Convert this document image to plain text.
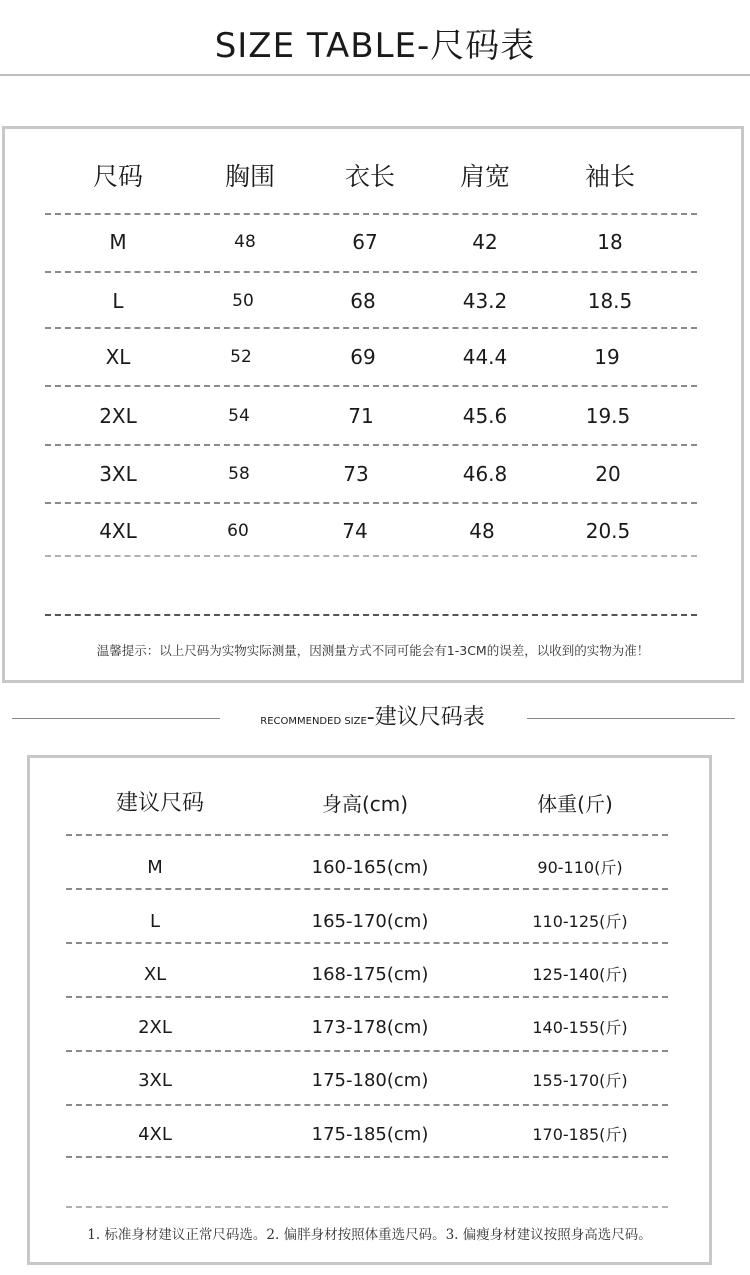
SIZE TABLE-尺码表
尺码	胸围	衣长	肩宽	袖长
M	48	67	42	18
L	50	68	43.2	18.5
XL	52	69	44.4	19
2XL	54	71	45.6	19.5
3XL	58	73	46.8	20
4XL	60	74	48	20.5
温馨提示：以上尺码为实物实际测量，因测量方式不同可能会有1-3CM的误差，以收到的实物为准！
RECOMMENDED SIZE-建议尺码表
建议尺码	身高(cm)	体重(斤)
M	160-165(cm)	90-110(斤)
L	165-170(cm)	110-125(斤)
XL	168-175(cm)	125-140(斤)
2XL	173-178(cm)	140-155(斤)
3XL	175-180(cm)	155-170(斤)
4XL	175-185(cm)	170-185(斤)
1. 标准身材建议正常尺码选。2. 偏胖身材按照体重选尺码。3. 偏瘦身材建议按照身高选尺码。
